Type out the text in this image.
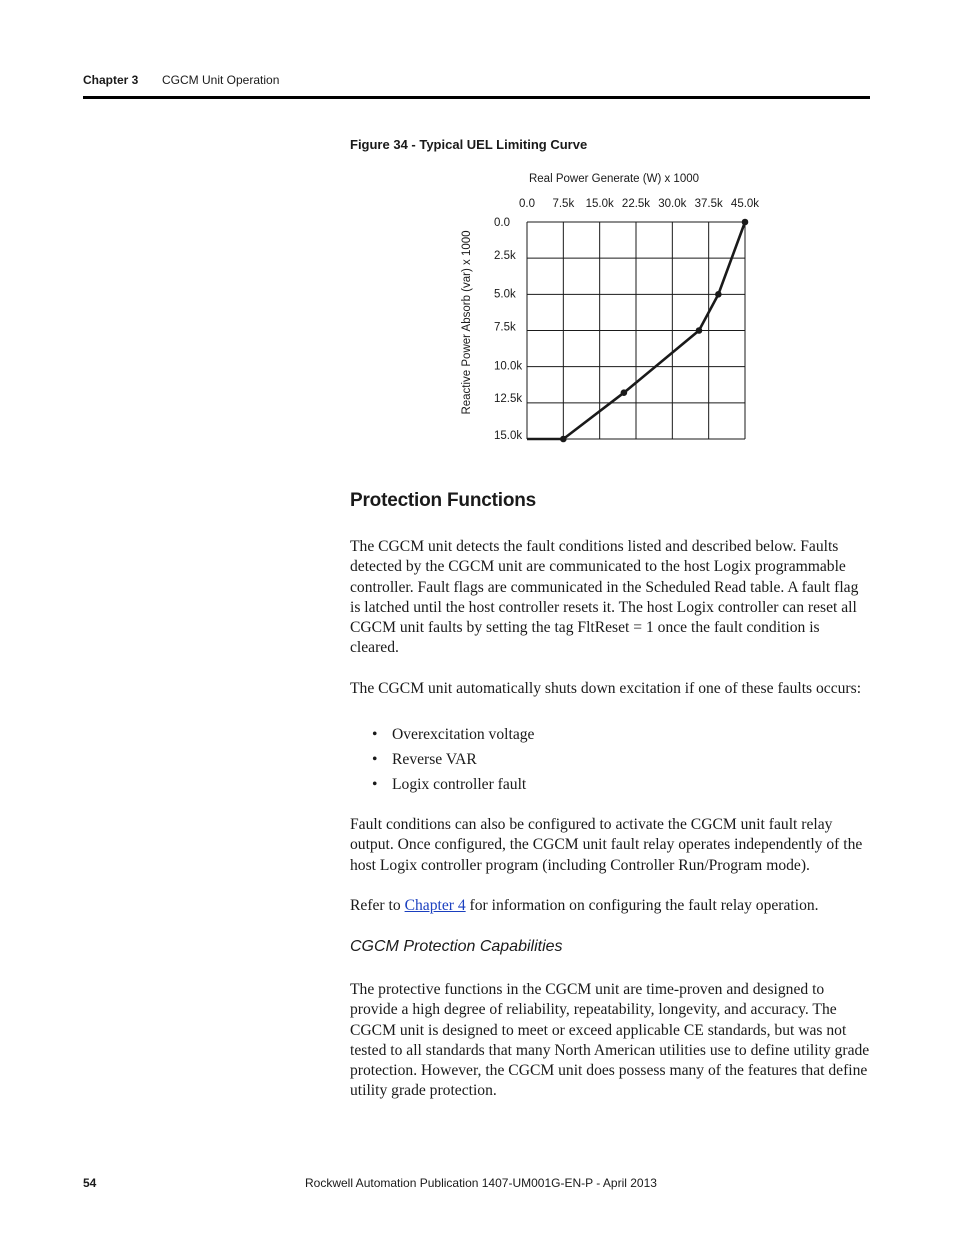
Chapter 3 CGCM Unit Operation
Figure 34 - Typical UEL Limiting Curve
Real Power Generate (W) x 1000
Reactive Power Absorb (var) x 1000
0.0 7.5k 15.0k 22.5k 30.0k 37.5k 45.0k
0.0
2.5k
5.0k
7.5k
10.0k
12.5k
15.0k
Protection Functions

The CGCM unit detects the fault conditions listed and described below. Faults detected by the CGCM unit are communicated to the host Logix programmable controller. Fault flags are communicated in the Scheduled Read table. A fault flag is latched until the host controller resets it. The host Logix controller can reset all CGCM unit faults by setting the tag FltReset = 1 once the fault condition is cleared.

The CGCM unit automatically shuts down excitation if one of these faults occurs:

• Overexcitation voltage
• Reverse VAR
• Logix controller fault

Fault conditions can also be configured to activate the CGCM unit fault relay output. Once configured, the CGCM unit fault relay operates independently of the host Logix controller program (including Controller Run/Program mode).

Refer to Chapter 4 for information on configuring the fault relay operation.

CGCM Protection Capabilities

The protective functions in the CGCM unit are time-proven and designed to provide a high degree of reliability, repeatability, longevity, and accuracy. The CGCM unit is designed to meet or exceed applicable CE standards, but was not tested to all standards that many North American utilities use to define utility grade protection. However, the CGCM unit does possess many of the features that define utility grade protection.

54	Rockwell Automation Publication 1407-UM001G-EN-P - April 2013
